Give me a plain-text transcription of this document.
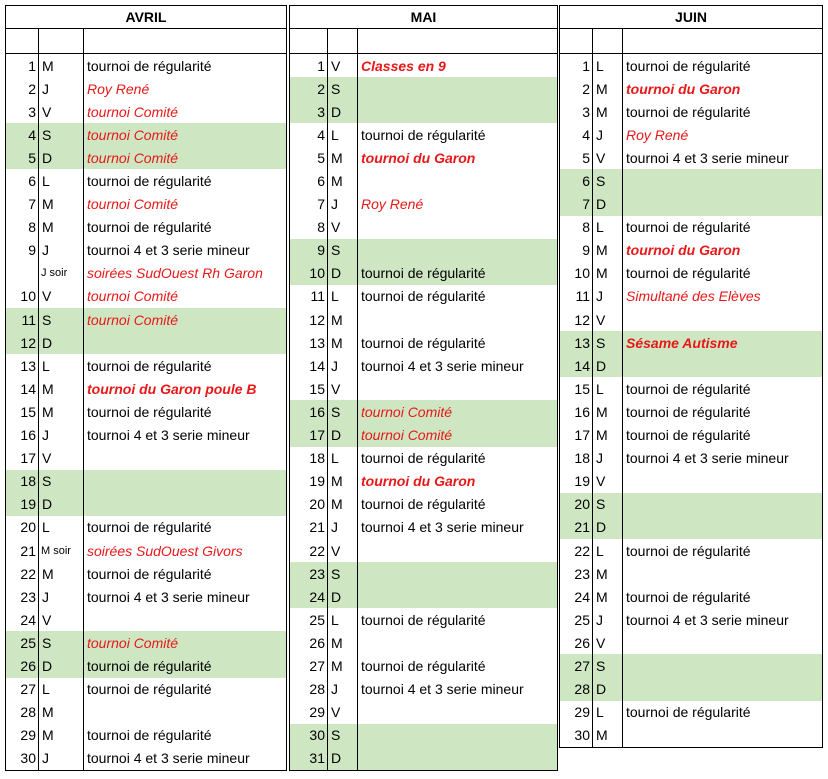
AVRIL		

1	M	tournoi de régularité
2	J	Roy René
3	V	tournoi Comité
4	S	tournoi Comité
5	D	tournoi Comité
6	L	tournoi de régularité
7	M	tournoi Comité
8	M	tournoi de régularité
9	J	tournoi 4 et 3 serie mineur
	J soir	soirées SudOuest Rh Garon
10	V	tournoi Comité
11	S	tournoi Comité
12	D	
13	L	tournoi de régularité
14	M	tournoi du Garon poule B
15	M	tournoi de régularité
16	J	tournoi 4 et 3 serie mineur
17	V	
18	S	
19	D	
20	L	tournoi de régularité
21	M soir	soirées SudOuest Givors
22	M	tournoi de régularité
23	J	tournoi 4 et 3 serie mineur
24	V	
25	S	tournoi Comité
26	D	tournoi de régularité
27	L	tournoi de régularité
28	M	
29	M	tournoi de régularité
30	J	tournoi 4 et 3 serie mineur
MAI		

1	V	Classes en 9
2	S	
3	D	
4	L	tournoi de régularité
5	M	tournoi du Garon
6	M	
7	J	Roy René
8	V	
9	S	
10	D	tournoi de régularité
11	L	tournoi de régularité
12	M	
13	M	tournoi de régularité
14	J	tournoi 4 et 3 serie mineur
15	V	
16	S	tournoi Comité
17	D	tournoi Comité
18	L	tournoi de régularité
19	M	tournoi du Garon
20	M	tournoi de régularité
21	J	tournoi 4 et 3 serie mineur
22	V	
23	S	
24	D	
25	L	tournoi de régularité
26	M	
27	M	tournoi de régularité
28	J	tournoi 4 et 3 serie mineur
29	V	
30	S	
31	D	
JUIN		

1	L	tournoi de régularité
2	M	tournoi du Garon
3	M	tournoi de régularité
4	J	Roy René
5	V	tournoi 4 et 3 serie mineur
6	S	
7	D	
8	L	tournoi de régularité
9	M	tournoi du Garon
10	M	tournoi de régularité
11	J	Simultané des Elèves
12	V	
13	S	Sésame Autisme
14	D	
15	L	tournoi de régularité
16	M	tournoi de régularité
17	M	tournoi de régularité
18	J	tournoi 4 et 3 serie mineur
19	V	
20	S	
21	D	
22	L	tournoi de régularité
23	M	
24	M	tournoi de régularité
25	J	tournoi 4 et 3 serie mineur
26	V	
27	S	
28	D	
29	L	tournoi de régularité
30	M	
